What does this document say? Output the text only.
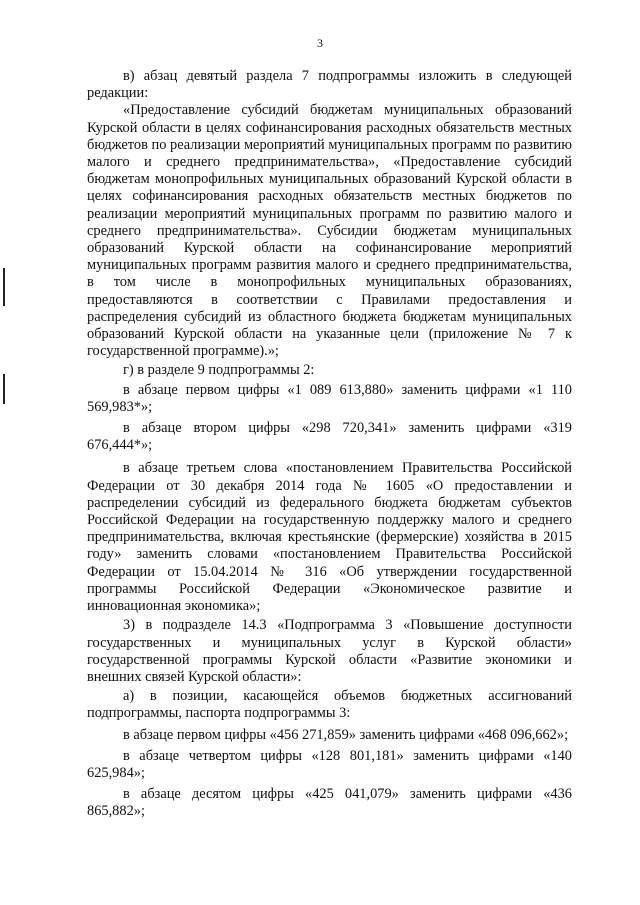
3

в) абзац девятый раздела 7 подпрограммы изложить в следующей редакции:

«Предоставление субсидий бюджетам муниципальных образований Курской области в целях софинансирования расходных обязательств местных бюджетов по реализации мероприятий муниципальных программ по развитию малого и среднего предпринимательства», «Предоставление субсидий бюджетам монопрофильных муниципальных образований Курской области в целях софинансирования расходных обязательств местных бюджетов по реализации мероприятий муниципальных программ по развитию малого и среднего предпринимательства». Субсидии бюджетам муниципальных образований Курской области на софинансирование мероприятий муниципальных программ развития малого и среднего предпринимательства, в том числе в монопрофильных муниципальных образованиях, предоставляются в соответствии с Правилами предоставления и распределения субсидий из областного бюджета бюджетам муниципальных образований Курской области на указанные цели (приложение № 7 к государственной программе).»;

г) в разделе 9 подпрограммы 2:

в абзаце первом цифры «1 089 613,880» заменить цифрами «1 110 569,983*»;

в абзаце втором цифры «298 720,341» заменить цифрами «319 676,444*»;

в абзаце третьем слова «постановлением Правительства Российской Федерации от 30 декабря 2014 года № 1605 «О предоставлении и распределении субсидий из федерального бюджета бюджетам субъектов Российской Федерации на государственную поддержку малого и среднего предпринимательства, включая крестьянские (фермерские) хозяйства в 2015 году» заменить словами «постановлением Правительства Российской Федерации от 15.04.2014 № 316 «Об утверждении государственной программы Российской Федерации «Экономическое развитие и инновационная экономика»;

3) в подразделе 14.3 «Подпрограмма 3 «Повышение доступности государственных и муниципальных услуг в Курской области» государственной программы Курской области «Развитие экономики и внешних связей Курской области»:

а) в позиции, касающейся объемов бюджетных ассигнований подпрограммы, паспорта подпрограммы 3:

в абзаце первом цифры «456 271,859» заменить цифрами «468 096,662»;

в абзаце четвертом цифры «128 801,181» заменить цифрами «140 625,984»;

в абзаце десятом цифры «425 041,079» заменить цифрами «436 865,882»;
